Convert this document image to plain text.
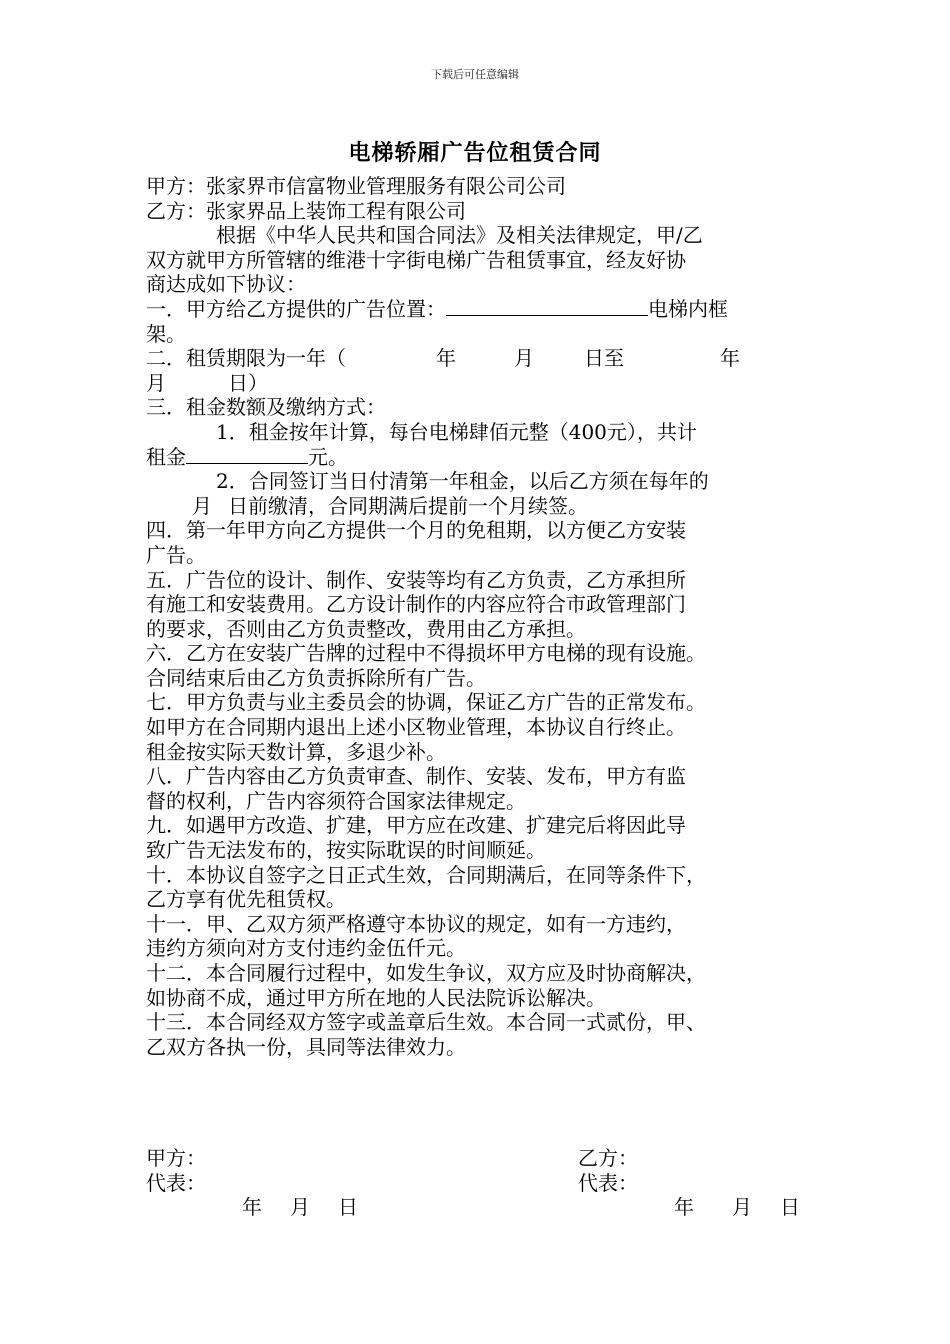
下载后可任意编辑
电梯轿厢广告位租赁合同
甲方：张家界市信富物业管理服务有限公司公司
乙方：张家界品上装饰工程有限公司
根据《中华人民共和国合同法》及相关法律规定，甲/乙
双方就甲方所管辖的维港十字街电梯广告租赁事宜，经友好协
商达成如下协议：
一．甲方给乙方提供的广告位置：	电梯内框
架。
二．租赁期限为一年（	年	月	日至	年
月	日）
三．租金数额及缴纳方式：
1．租金按年计算，每台电梯肆佰元整（400元），共计
租金	元。
2．合同签订当日付清第一年租金，以后乙方须在每年的
月 日前缴清，合同期满后提前一个月续签。
四．第一年甲方向乙方提供一个月的免租期，以方便乙方安装
广告。
五．广告位的设计、制作、安装等均有乙方负责，乙方承担所
有施工和安装费用。乙方设计制作的内容应符合市政管理部门
的要求，否则由乙方负责整改，费用由乙方承担。
六．乙方在安装广告牌的过程中不得损坏甲方电梯的现有设施。
合同结束后由乙方负责拆除所有广告。
七．甲方负责与业主委员会的协调，保证乙方广告的正常发布。
如甲方在合同期内退出上述小区物业管理，本协议自行终止。
租金按实际天数计算，多退少补。
八．广告内容由乙方负责审查、制作、安装、发布，甲方有监
督的权利，广告内容须符合国家法律规定。
九．如遇甲方改造、扩建，甲方应在改建、扩建完后将因此导
致广告无法发布的，按实际耽误的时间顺延。
十．本协议自签字之日正式生效，合同期满后，在同等条件下，
乙方享有优先租赁权。
十一．甲、乙双方须严格遵守本协议的规定，如有一方违约，
违约方须向对方支付违约金伍仟元。
十二．本合同履行过程中，如发生争议，双方应及时协商解决，
如协商不成，通过甲方所在地的人民法院诉讼解决。
十三．本合同经双方签字或盖章后生效。本合同一式贰份，甲、
乙双方各执一份，具同等法律效力。
甲方：
代表：
年 月 日
乙方：
代表：
年 月 日
